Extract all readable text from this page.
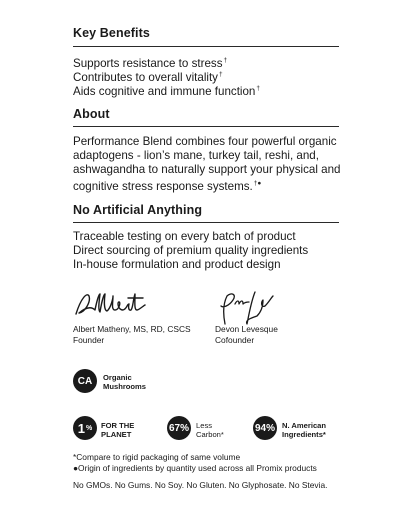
Key Benefits
Supports resistance to stress†
Contributes to overall vitality†
Aids cognitive and immune function†
About
Performance Blend combines four powerful organic adaptogens - lion’s mane, turkey tail, reshi, and, ashwagandha to naturally support your physical and cognitive stress response systems.†●
No Artificial Anything
Traceable testing on every batch of product
Direct sourcing of premium quality ingredients
In-house formulation and product design
Albert Matheny, MS, RD, CSCS
Founder
Devon Levesque
Cofounder
CA	Organic
Mushrooms
1 % FOR THE
PLANET
67% Less
Carbon*
94% N. American
Ingredients*
*Compare to rigid packaging of same volume
●Origin of ingredients by quantity used across all Promix products
No GMOs. No Gums. No Soy. No Gluten. No Glyphosate. No Stevia.
